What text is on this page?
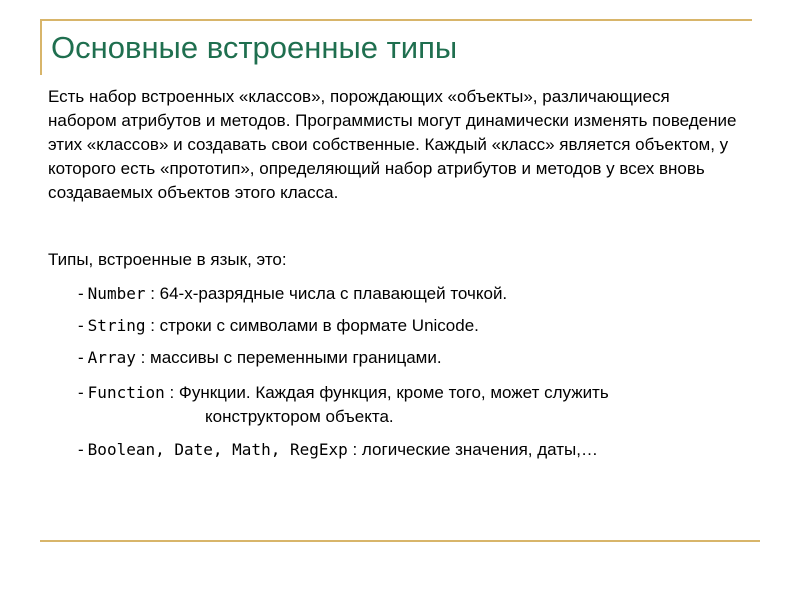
Основные встроенные типы

Есть набор встроенных «классов», порождающих «объекты», различающиеся набором атрибутов и методов. Программисты могут динамически изменять поведение этих «классов» и создавать свои собственные. Каждый «класс» является объектом, у которого есть «прототип», определяющий набор атрибутов и методов у всех вновь создаваемых объектов этого класса.

Типы, встроенные в язык, это:

- Number : 64-х-разрядные числа с плавающей точкой.
- String : строки с символами в формате Unicode.
- Array : массивы с переменными границами.
- Function : Функции. Каждая функция, кроме того, может служить
конструктором объекта.
- Boolean, Date, Math, RegExp : логические значения, даты,…
